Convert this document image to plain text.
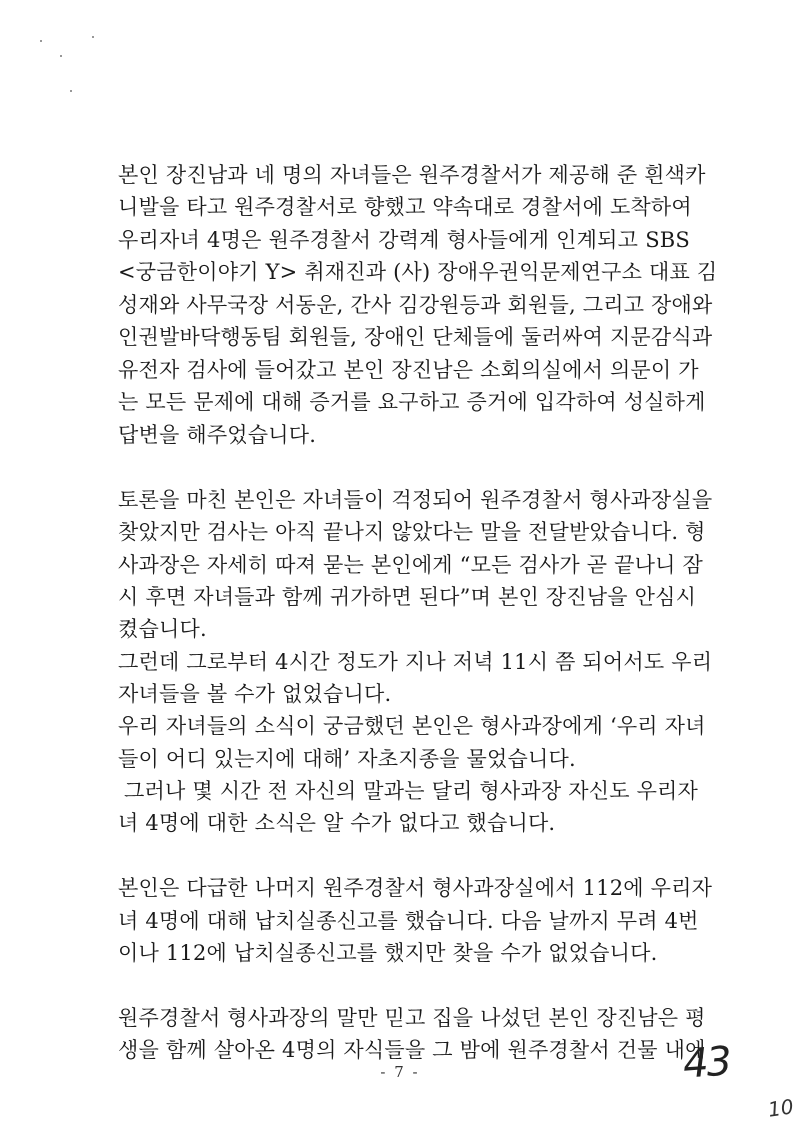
본인 장진남과 네 명의 자녀들은 원주경찰서가 제공해 준 흰색카
니발을 타고 원주경찰서로 향했고 약속대로 경찰서에 도착하여
우리자녀 4명은 원주경찰서 강력계 형사들에게 인계되고 SBS
<궁금한이야기 Y> 취재진과 (사) 장애우권익문제연구소 대표 김
성재와 사무국장 서동운, 간사 김강원등과 회원들, 그리고 장애와
인권발바닥행동팀 회원들, 장애인 단체들에 둘러싸여 지문감식과
유전자 검사에 들어갔고 본인 장진남은 소회의실에서 의문이 가
는 모든 문제에 대해 증거를 요구하고 증거에 입각하여 성실하게
답변을 해주었습니다.
토론을 마친 본인은 자녀들이 걱정되어 원주경찰서 형사과장실을
찾았지만 검사는 아직 끝나지 않았다는 말을 전달받았습니다. 형
사과장은 자세히 따져 묻는 본인에게 “모든 검사가 곧 끝나니 잠
시 후면 자녀들과 함께 귀가하면 된다”며 본인 장진남을 안심시
켰습니다.
그런데 그로부터 4시간 정도가 지나 저녁 11시 쯤 되어서도 우리
자녀들을 볼 수가 없었습니다.
우리 자녀들의 소식이 궁금했던 본인은 형사과장에게 ‘우리 자녀
들이 어디 있는지에 대해’ 자초지종을 물었습니다.
그러나 몇 시간 전 자신의 말과는 달리 형사과장 자신도 우리자
녀 4명에 대한 소식은 알 수가 없다고 했습니다.
본인은 다급한 나머지 원주경찰서 형사과장실에서 112에 우리자
녀 4명에 대해 납치실종신고를 했습니다. 다음 날까지 무려 4번
이나 112에 납치실종신고를 했지만 찾을 수가 없었습니다.
원주경찰서 형사과장의 말만 믿고 집을 나섰던 본인 장진남은 평
생을 함께 살아온 4명의 자식들을 그 밤에 원주경찰서 건물 내에
- 7 -	43
10
